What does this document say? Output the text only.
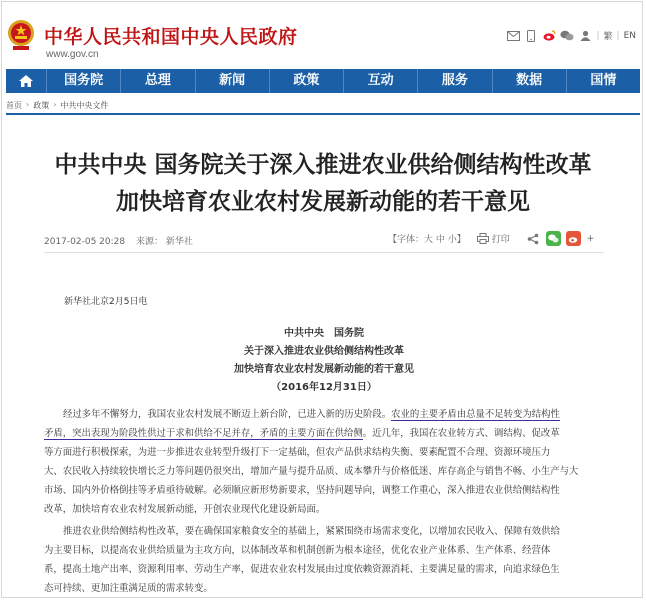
中华人民共和国中央人民政府
www.gov.cn
| 繁 | EN
国务院	总理	新闻	政策	互动	服务	数据	国情
首页 › 政策 › 中共中央文件
中共中央 国务院关于深入推进农业供给侧结构性改革
加快培育农业农村发展新动能的若干意见
2017-02-05 20:28 来源： 新华社	【字体：大 中 小】	打印	+
新华社北京2月5日电
中共中央　国务院
关于深入推进农业供给侧结构性改革
加快培育农业农村发展新动能的若干意见
（2016年12月31日）
经过多年不懈努力，我国农业农村发展不断迈上新台阶，已进入新的历史阶段。农业的主要矛盾由总量不足转变为结构性
矛盾，突出表现为阶段性供过于求和供给不足并存，矛盾的主要方面在供给侧。近几年，我国在农业转方式、调结构、促改革
等方面进行积极探索，为进一步推进农业转型升级打下一定基础，但农产品供求结构失衡、要素配置不合理、资源环境压力
大、农民收入持续较快增长乏力等问题仍很突出，增加产量与提升品质、成本攀升与价格低迷、库存高企与销售不畅、小生产与大
市场、国内外价格倒挂等矛盾亟待破解。必须顺应新形势新要求，坚持问题导向，调整工作重心，深入推进农业供给侧结构性
改革，加快培育农业农村发展新动能，开创农业现代化建设新局面。
推进农业供给侧结构性改革，要在确保国家粮食安全的基础上，紧紧围绕市场需求变化，以增加农民收入、保障有效供给
为主要目标，以提高农业供给质量为主攻方向，以体制改革和机制创新为根本途径，优化农业产业体系、生产体系、经营体
系，提高土地产出率、资源利用率、劳动生产率，促进农业农村发展由过度依赖资源消耗、主要满足量的需求，向追求绿色生
态可持续、更加注重满足质的需求转变。
